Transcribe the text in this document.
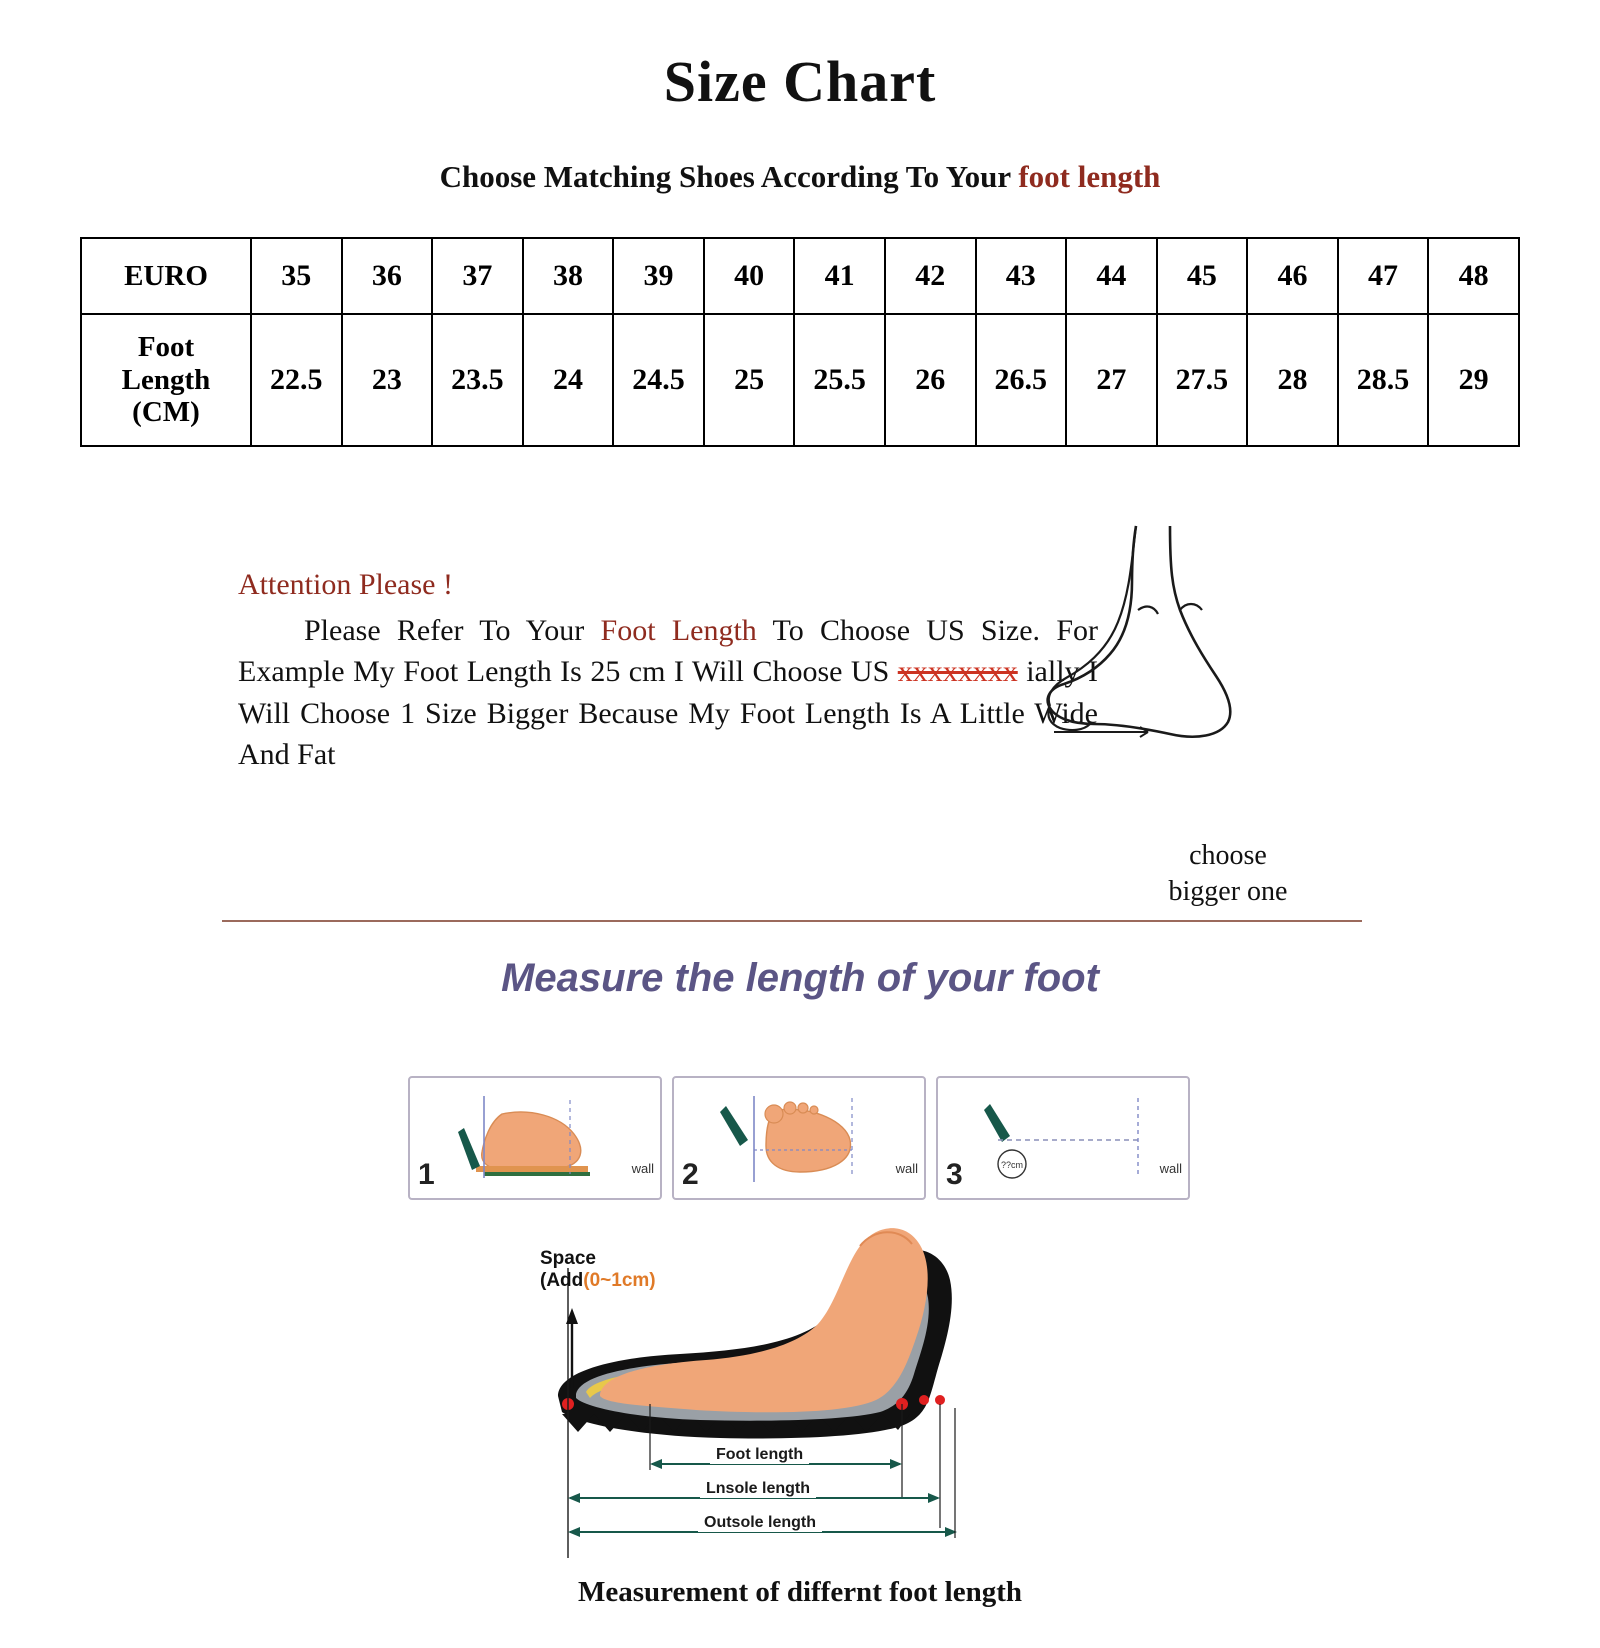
Size Chart
Choose Matching Shoes According To Your foot length
EURO	35	36	37	38	39	40	41	42	43	44	45	46	47	48

Foot
Length
(CM)	22.5	23	23.5	24	24.5	25	25.5	26	26.5	27	27.5	28	28.5	29
Attention Please !
Please Refer To Your Foot Length To Choose US Size. For Example My Foot Length Is 25 cm I Will Choose US xxxxxxxx ially I Will Choose 1 Size Bigger Because My Foot Length Is A Little Wide And Fat
choose
bigger one
Measure the length of your foot
1	wall 2	wall 3	wall
??cm
Space
(Add(0~1cm)
Foot length
Lnsole length
Outsole length
Measurement of differnt foot length
